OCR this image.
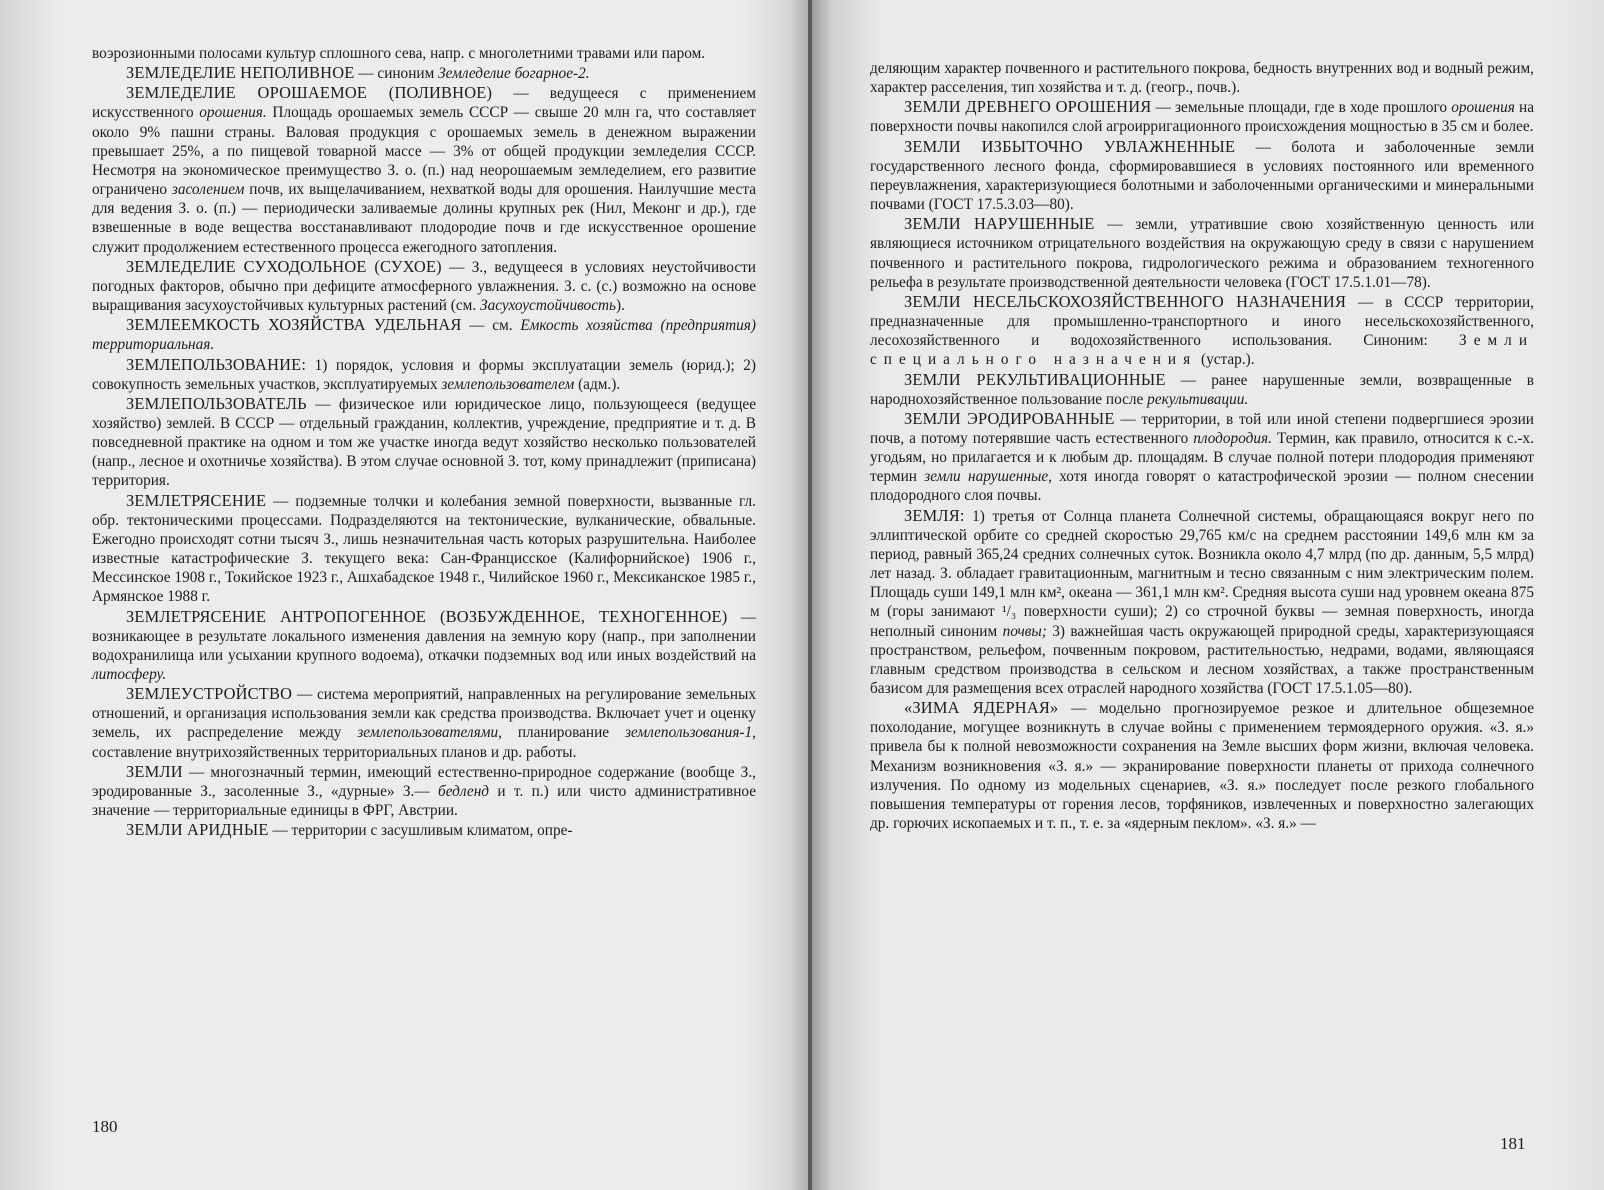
воэрозионными полосами культур сплошного сева, напр. с многолетними травами или паром.

ЗЕМЛЕДЕЛИЕ НЕПОЛИВНОЕ — синоним Земледелие богарное-2.

ЗЕМЛЕДЕЛИЕ ОРОШАЕМОЕ (ПОЛИВНОЕ) — ведущееся с применением искусственного орошения. Площадь орошаемых земель СССР — свыше 20 млн га, что составляет около 9% пашни страны. Валовая продукция с орошаемых земель в денежном выражении превышает 25%, а по пищевой товарной массе — 3% от общей продукции земледелия СССР. Несмотря на экономическое преимущество З. о. (п.) над неорошаемым земледелием, его развитие ограничено засолением почв, их выщелачиванием, нехваткой воды для орошения. Наилучшие места для ведения З. о. (п.) — периодически заливаемые долины крупных рек (Нил, Меконг и др.), где взвешенные в воде вещества восстанавливают плодородие почв и где искусственное орошение служит продолжением естественного процесса ежегодного затопления.

ЗЕМЛЕДЕЛИЕ СУХОДОЛЬНОЕ (СУХОЕ) — З., ведущееся в условиях неустойчивости погодных факторов, обычно при дефиците атмосферного увлажнения. З. с. (с.) возможно на основе выращивания засухоустойчивых культурных растений (см. Засухоустойчивость).

ЗЕМЛЕЕМКОСТЬ ХОЗЯЙСТВА УДЕЛЬНАЯ — см. Емкость хозяйства (предприятия) территориальная.

ЗЕМЛЕПОЛЬЗОВАНИЕ: 1) порядок, условия и формы эксплуатации земель (юрид.); 2) совокупность земельных участков, эксплуатируемых землепользователем (адм.).

ЗЕМЛЕПОЛЬЗОВАТЕЛЬ — физическое или юридическое лицо, пользующееся (ведущее хозяйство) землей. В СССР — отдельный гражданин, коллектив, учреждение, предприятие и т. д. В повседневной практике на одном и том же участке иногда ведут хозяйство несколько пользователей (напр., лесное и охотничье хозяйства). В этом случае основной З. тот, кому принадлежит (приписана) территория.

ЗЕМЛЕТРЯСЕНИЕ — подземные толчки и колебания земной поверхности, вызванные гл. обр. тектоническими процессами. Подразделяются на тектонические, вулканические, обвальные. Ежегодно происходят сотни тысяч З., лишь незначительная часть которых разрушительна. Наиболее известные катастрофические З. текущего века: Сан-Францисское (Калифорнийское) 1906 г., Мессинское 1908 г., Токийское 1923 г., Ашхабадское 1948 г., Чилийское 1960 г., Мексиканское 1985 г., Армянское 1988 г.

ЗЕМЛЕТРЯСЕНИЕ АНТРОПОГЕННОЕ (ВОЗБУЖДЕННОЕ, ТЕХНОГЕННОЕ) — возникающее в результате локального изменения давления на земную кору (напр., при заполнении водохранилища или усыхании крупного водоема), откачки подземных вод или иных воздействий на литосферу.

ЗЕМЛЕУСТРОЙСТВО — система мероприятий, направленных на регулирование земельных отношений, и организация использования земли как средства производства. Включает учет и оценку земель, их распределение между землепользователями, планирование землепользования-1, составление внутрихозяйственных территориальных планов и др. работы.

ЗЕМЛИ — многозначный термин, имеющий естественно-природное содержание (вообще З., эродированные З., засоленные З., «дурные» З.— бедленд и т. п.) или чисто административное значение — территориальные единицы в ФРГ, Австрии.

ЗЕМЛИ АРИДНЫЕ — территории с засушливым климатом, опре-

180

деляющим характер почвенного и растительного покрова, бедность внутренних вод и водный режим, характер расселения, тип хозяйства и т. д. (геогр., почв.).

ЗЕМЛИ ДРЕВНЕГО ОРОШЕНИЯ — земельные площади, где в ходе прошлого орошения на поверхности почвы накопился слой агроирригационного происхождения мощностью в 35 см и более.

ЗЕМЛИ ИЗБЫТОЧНО УВЛАЖНЕННЫЕ — болота и заболоченные земли государственного лесного фонда, сформировавшиеся в условиях постоянного или временного переувлажнения, характеризующиеся болотными и заболоченными органическими и минеральными почвами (ГОСТ 17.5.3.03—80).

ЗЕМЛИ НАРУШЕННЫЕ — земли, утратившие свою хозяйственную ценность или являющиеся источником отрицательного воздействия на окружающую среду в связи с нарушением почвенного и растительного покрова, гидрологического режима и образованием техногенного рельефа в результате производственной деятельности человека (ГОСТ 17.5.1.01—78).

ЗЕМЛИ НЕСЕЛЬСКОХОЗЯЙСТВЕННОГО НАЗНАЧЕНИЯ — в СССР территории, предназначенные для промышленно-транспортного и иного несельскохозяйственного, лесохозяйственного и водохозяйственного использования. Синоним: Земли специального назначения (устар.).

ЗЕМЛИ РЕКУЛЬТИВАЦИОННЫЕ — ранее нарушенные земли, возвращенные в народнохозяйственное пользование после рекультивации.

ЗЕМЛИ ЭРОДИРОВАННЫЕ — территории, в той или иной степени подвергшиеся эрозии почв, а потому потерявшие часть естественного плодородия. Термин, как правило, относится к с.-х. угодьям, но прилагается и к любым др. площадям. В случае полной потери плодородия применяют термин земли нарушенные, хотя иногда говорят о катастрофической эрозии — полном снесении плодородного слоя почвы.

ЗЕМЛЯ: 1) третья от Солнца планета Солнечной системы, обращающаяся вокруг него по эллиптической орбите со средней скоростью 29,765 км/с на среднем расстоянии 149,6 млн км за период, равный 365,24 средних солнечных суток. Возникла около 4,7 млрд (по др. данным, 5,5 млрд) лет назад. З. обладает гравитационным, магнитным и тесно связанным с ним электрическим полем. Площадь суши 149,1 млн км², океана — 361,1 млн км². Средняя высота суши над уровнем океана 875 м (горы занимают ¹/₃ поверхности суши); 2) со строчной буквы — земная поверхность, иногда неполный синоним почвы; 3) важнейшая часть окружающей природной среды, характеризующаяся пространством, рельефом, почвенным покровом, растительностью, недрами, водами, являющаяся главным средством производства в сельском и лесном хозяйствах, а также пространственным базисом для размещения всех отраслей народного хозяйства (ГОСТ 17.5.1.05—80).

«ЗИМА ЯДЕРНАЯ» — модельно прогнозируемое резкое и длительное общеземное похолодание, могущее возникнуть в случае войны с применением термоядерного оружия. «З. я.» привела бы к полной невозможности сохранения на Земле высших форм жизни, включая человека. Механизм возникновения «З. я.» — экранирование поверхности планеты от прихода солнечного излучения. По одному из модельных сценариев, «З. я.» последует после резкого глобального повышения температуры от горения лесов, торфяников, извлеченных и поверхностно залегающих др. горючих ископаемых и т. п., т. е. за «ядерным пеклом». «З. я.» —

181
